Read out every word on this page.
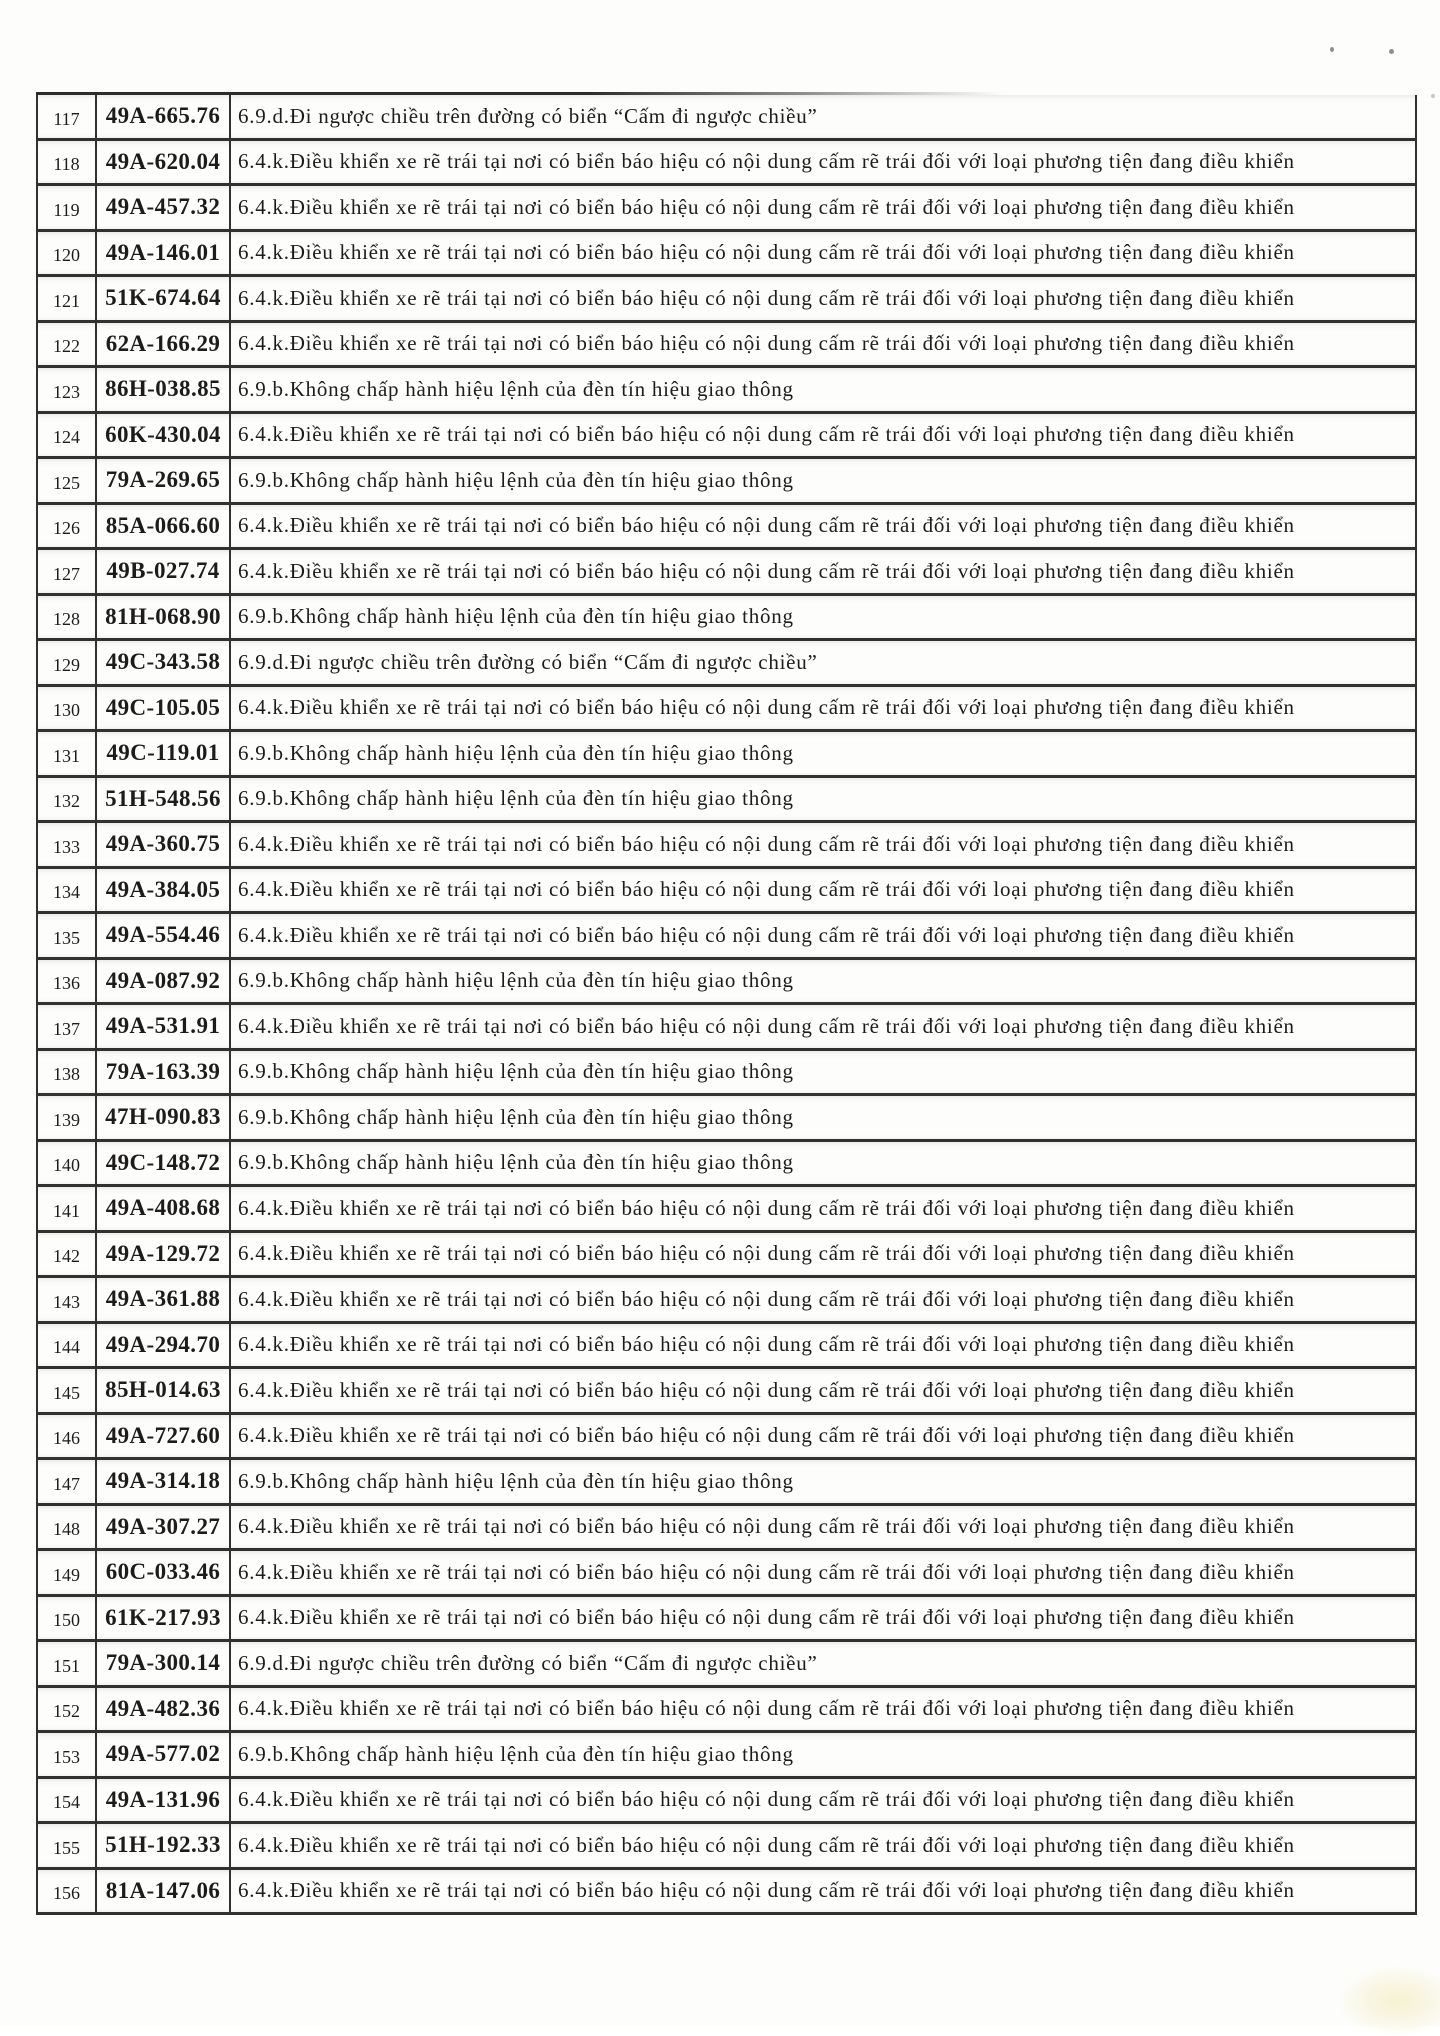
117	49A-665.76 6.9.d.Đi ngược chiều trên đường có biển “Cấm đi ngược chiều”
118	49A-620.04 6.4.k.Điều khiển xe rẽ trái tại nơi có biển báo hiệu có nội dung cấm rẽ trái đối với loại phương tiện đang điều khiển
119	49A-457.32 6.4.k.Điều khiển xe rẽ trái tại nơi có biển báo hiệu có nội dung cấm rẽ trái đối với loại phương tiện đang điều khiển
120	49A-146.01 6.4.k.Điều khiển xe rẽ trái tại nơi có biển báo hiệu có nội dung cấm rẽ trái đối với loại phương tiện đang điều khiển
121	51K-674.64 6.4.k.Điều khiển xe rẽ trái tại nơi có biển báo hiệu có nội dung cấm rẽ trái đối với loại phương tiện đang điều khiển
122	62A-166.29 6.4.k.Điều khiển xe rẽ trái tại nơi có biển báo hiệu có nội dung cấm rẽ trái đối với loại phương tiện đang điều khiển
123	86H-038.85 6.9.b.Không chấp hành hiệu lệnh của đèn tín hiệu giao thông
124	60K-430.04 6.4.k.Điều khiển xe rẽ trái tại nơi có biển báo hiệu có nội dung cấm rẽ trái đối với loại phương tiện đang điều khiển
125	79A-269.65 6.9.b.Không chấp hành hiệu lệnh của đèn tín hiệu giao thông
126	85A-066.60 6.4.k.Điều khiển xe rẽ trái tại nơi có biển báo hiệu có nội dung cấm rẽ trái đối với loại phương tiện đang điều khiển
127	49B-027.74 6.4.k.Điều khiển xe rẽ trái tại nơi có biển báo hiệu có nội dung cấm rẽ trái đối với loại phương tiện đang điều khiển
128	81H-068.90 6.9.b.Không chấp hành hiệu lệnh của đèn tín hiệu giao thông
129	49C-343.58 6.9.d.Đi ngược chiều trên đường có biển “Cấm đi ngược chiều”
130	49C-105.05 6.4.k.Điều khiển xe rẽ trái tại nơi có biển báo hiệu có nội dung cấm rẽ trái đối với loại phương tiện đang điều khiển
131	49C-119.01 6.9.b.Không chấp hành hiệu lệnh của đèn tín hiệu giao thông
132	51H-548.56 6.9.b.Không chấp hành hiệu lệnh của đèn tín hiệu giao thông
133	49A-360.75 6.4.k.Điều khiển xe rẽ trái tại nơi có biển báo hiệu có nội dung cấm rẽ trái đối với loại phương tiện đang điều khiển
134	49A-384.05 6.4.k.Điều khiển xe rẽ trái tại nơi có biển báo hiệu có nội dung cấm rẽ trái đối với loại phương tiện đang điều khiển
135	49A-554.46 6.4.k.Điều khiển xe rẽ trái tại nơi có biển báo hiệu có nội dung cấm rẽ trái đối với loại phương tiện đang điều khiển
136	49A-087.92 6.9.b.Không chấp hành hiệu lệnh của đèn tín hiệu giao thông
137	49A-531.91 6.4.k.Điều khiển xe rẽ trái tại nơi có biển báo hiệu có nội dung cấm rẽ trái đối với loại phương tiện đang điều khiển
138	79A-163.39 6.9.b.Không chấp hành hiệu lệnh của đèn tín hiệu giao thông
139	47H-090.83 6.9.b.Không chấp hành hiệu lệnh của đèn tín hiệu giao thông
140	49C-148.72 6.9.b.Không chấp hành hiệu lệnh của đèn tín hiệu giao thông
141	49A-408.68 6.4.k.Điều khiển xe rẽ trái tại nơi có biển báo hiệu có nội dung cấm rẽ trái đối với loại phương tiện đang điều khiển
142	49A-129.72 6.4.k.Điều khiển xe rẽ trái tại nơi có biển báo hiệu có nội dung cấm rẽ trái đối với loại phương tiện đang điều khiển
143	49A-361.88 6.4.k.Điều khiển xe rẽ trái tại nơi có biển báo hiệu có nội dung cấm rẽ trái đối với loại phương tiện đang điều khiển
144	49A-294.70 6.4.k.Điều khiển xe rẽ trái tại nơi có biển báo hiệu có nội dung cấm rẽ trái đối với loại phương tiện đang điều khiển
145	85H-014.63 6.4.k.Điều khiển xe rẽ trái tại nơi có biển báo hiệu có nội dung cấm rẽ trái đối với loại phương tiện đang điều khiển
146	49A-727.60 6.4.k.Điều khiển xe rẽ trái tại nơi có biển báo hiệu có nội dung cấm rẽ trái đối với loại phương tiện đang điều khiển
147	49A-314.18 6.9.b.Không chấp hành hiệu lệnh của đèn tín hiệu giao thông
148	49A-307.27 6.4.k.Điều khiển xe rẽ trái tại nơi có biển báo hiệu có nội dung cấm rẽ trái đối với loại phương tiện đang điều khiển
149	60C-033.46 6.4.k.Điều khiển xe rẽ trái tại nơi có biển báo hiệu có nội dung cấm rẽ trái đối với loại phương tiện đang điều khiển
150	61K-217.93 6.4.k.Điều khiển xe rẽ trái tại nơi có biển báo hiệu có nội dung cấm rẽ trái đối với loại phương tiện đang điều khiển
151	79A-300.14 6.9.d.Đi ngược chiều trên đường có biển “Cấm đi ngược chiều”
152	49A-482.36 6.4.k.Điều khiển xe rẽ trái tại nơi có biển báo hiệu có nội dung cấm rẽ trái đối với loại phương tiện đang điều khiển
153	49A-577.02 6.9.b.Không chấp hành hiệu lệnh của đèn tín hiệu giao thông
154	49A-131.96 6.4.k.Điều khiển xe rẽ trái tại nơi có biển báo hiệu có nội dung cấm rẽ trái đối với loại phương tiện đang điều khiển
155	51H-192.33 6.4.k.Điều khiển xe rẽ trái tại nơi có biển báo hiệu có nội dung cấm rẽ trái đối với loại phương tiện đang điều khiển
156	81A-147.06 6.4.k.Điều khiển xe rẽ trái tại nơi có biển báo hiệu có nội dung cấm rẽ trái đối với loại phương tiện đang điều khiển
